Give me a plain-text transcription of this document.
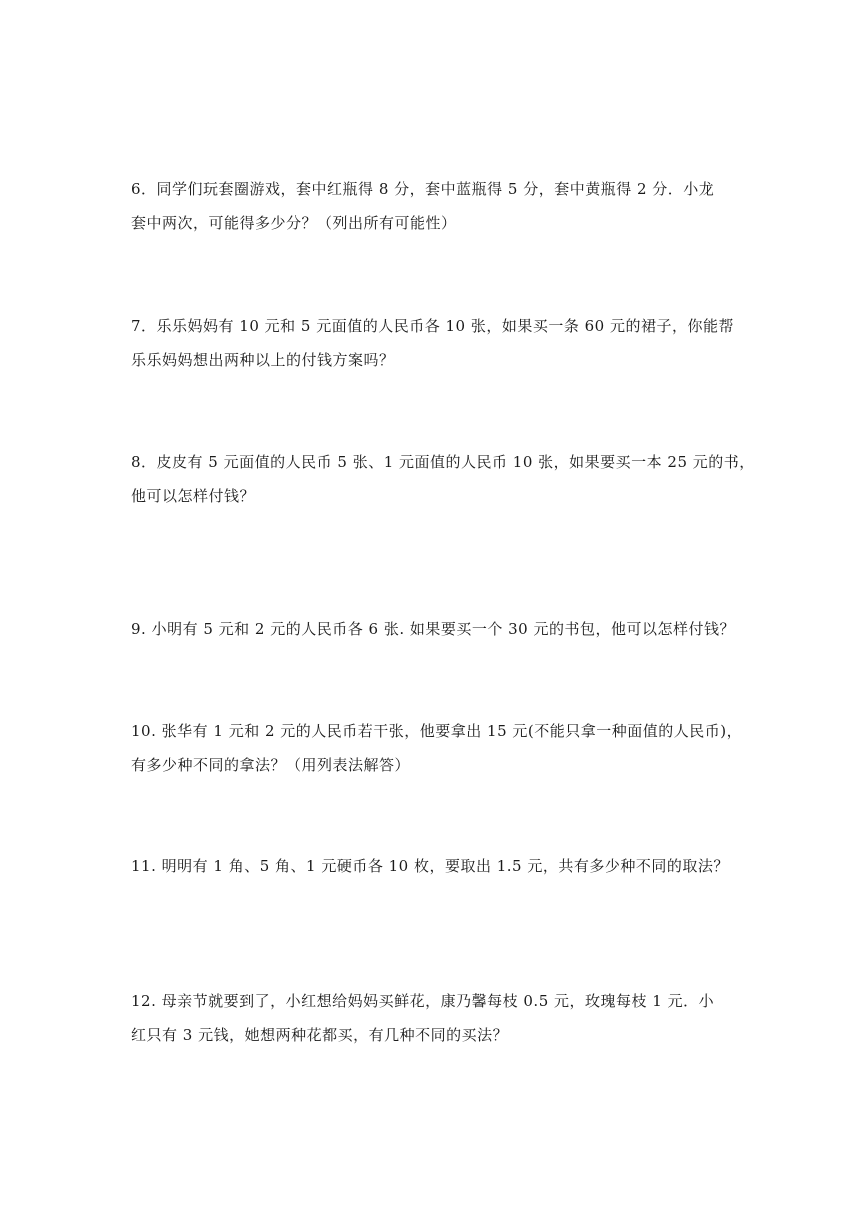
6．同学们玩套圈游戏，套中红瓶得 8 分，套中蓝瓶得 5 分，套中黄瓶得 2 分．小龙
套中两次，可能得多少分？（列出所有可能性）
7．乐乐妈妈有 10 元和 5 元面值的人民币各 10 张，如果买一条 60 元的裙子，你能帮
乐乐妈妈想出两种以上的付钱方案吗？
8．皮皮有 5 元面值的人民币 5 张、1 元面值的人民币 10 张，如果要买一本 25 元的书，
他可以怎样付钱？
9. 小明有 5 元和 2 元的人民币各 6 张. 如果要买一个 30 元的书包，他可以怎样付钱？
10. 张华有 1 元和 2 元的人民币若干张，他要拿出 15 元(不能只拿一种面值的人民币)，
有多少种不同的拿法？（用列表法解答）
11. 明明有 1 角、5 角、1 元硬币各 10 枚，要取出 1.5 元，共有多少种不同的取法？
12. 母亲节就要到了，小红想给妈妈买鲜花，康乃馨每枝 0.5 元，玫瑰每枝 1 元．小
红只有 3 元钱，她想两种花都买，有几种不同的买法？
